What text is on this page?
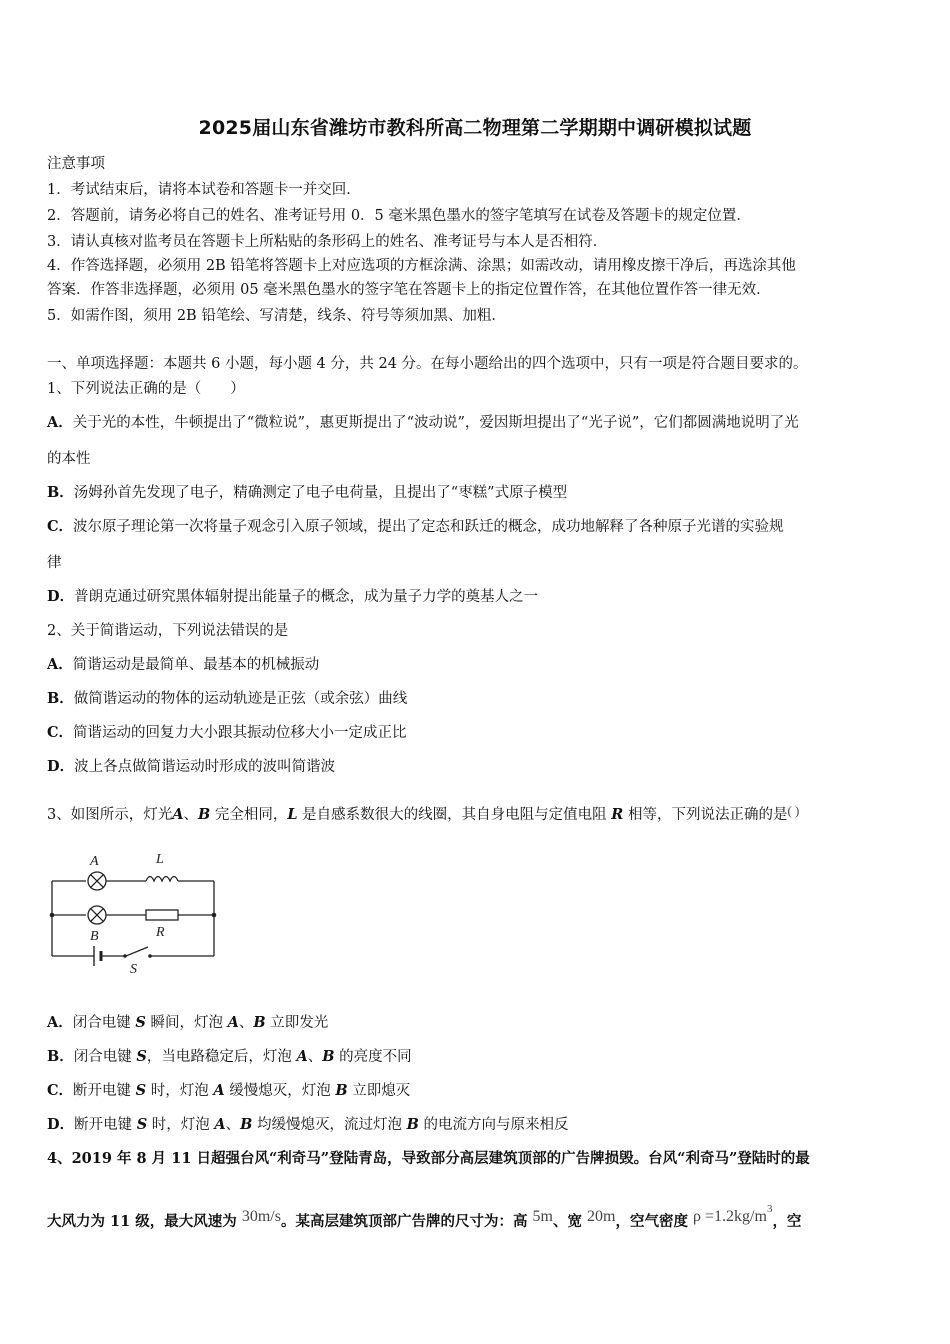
2025届山东省潍坊市教科所高二物理第二学期期中调研模拟试题
注意事项
1．考试结束后，请将本试卷和答题卡一并交回．
2．答题前，请务必将自己的姓名、准考证号用 0．5 毫米黑色墨水的签字笔填写在试卷及答题卡的规定位置．
3．请认真核对监考员在答题卡上所粘贴的条形码上的姓名、准考证号与本人是否相符．
4．作答选择题，必须用 2B 铅笔将答题卡上对应选项的方框涂满、涂黑；如需改动，请用橡皮擦干净后，再选涂其他
答案．作答非选择题，必须用 05 毫米黑色墨水的签字笔在答题卡上的指定位置作答，在其他位置作答一律无效．
5．如需作图，须用 2B 铅笔绘、写清楚，线条、符号等须加黑、加粗．
一、单项选择题：本题共 6 小题，每小题 4 分，共 24 分。在每小题给出的四个选项中，只有一项是符合题目要求的。
1、下列说法正确的是（　　）
A．关于光的本性，牛顿提出了“微粒说”，惠更斯提出了“波动说”，爱因斯坦提出了“光子说”，它们都圆满地说明了光
的本性
B．汤姆孙首先发现了电子，精确测定了电子电荷量，且提出了“枣糕”式原子模型
C．波尔原子理论第一次将量子观念引入原子领域，提出了定态和跃迁的概念，成功地解释了各种原子光谱的实验规
律
D．普朗克通过研究黑体辐射提出能量子的概念，成为量子力学的奠基人之一
2、关于简谐运动，下列说法错误的是
A．简谐运动是最简单、最基本的机械振动
B．做简谐运动的物体的运动轨迹是正弦（或余弦）曲线
C．简谐运动的回复力大小跟其振动位移大小一定成正比
D．波上各点做简谐运动时形成的波叫简谐波
3、如图所示，灯光A、B 完全相同，L 是自感系数很大的线圈，其自身电阻与定值电阻 R 相等，下列说法正确的是( )
A	L
B	R
S
A．闭合电键 S 瞬间，灯泡 A、B 立即发光
B．闭合电键 S，当电路稳定后，灯泡 A、B 的亮度不同
C．断开电键 S 时，灯泡 A 缓慢熄灭，灯泡 B 立即熄灭
D．断开电键 S 时，灯泡 A、B 均缓慢熄灭，流过灯泡 B 的电流方向与原来相反
4、2019 年 8 月 11 日超强台风“利奇马”登陆青岛，导致部分高层建筑顶部的广告牌损毁。台风“利奇马”登陆时的最
大风力为 11 级，最大风速为 30m/s。某高层建筑顶部广告牌的尺寸为：高 5m、宽 20m，空气密度 $\rho =1.2kg/m^3$，空
